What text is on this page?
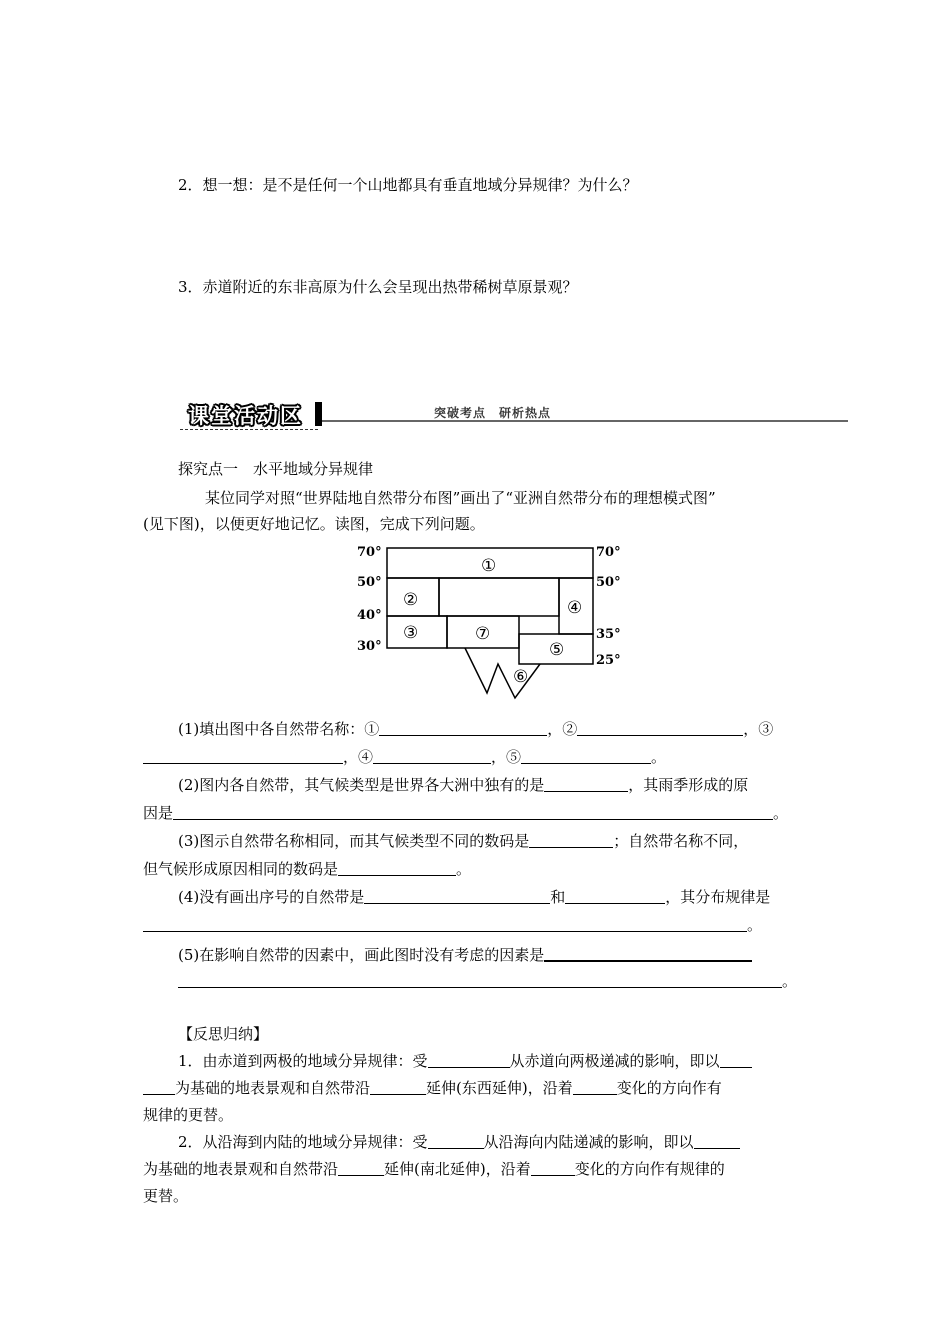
2．想一想：是不是任何一个山地都具有垂直地域分异规律？为什么？
3．赤道附近的东非高原为什么会呈现出热带稀树草原景观？
课堂活动区	突破考点　研析热点
探究点一　水平地域分异规律
某位同学对照“世界陆地自然带分布图”画出了“亚洲自然带分布的理想模式图”
(见下图)，以便更好地记忆。读图，完成下列问题。
70°
50°
40°
30°
70°
50°
35°
25°
①
②
③
④
⑤
⑥
⑦
(1)填出图中各自然带名称：①	，②	，③
，④	，⑤	。
(2)图内各自然带，其气候类型是世界各大洲中独有的是	，其雨季形成的原
因是	。
(3)图示自然带名称相同，而其气候类型不同的数码是	；自然带名称不同，
但气候形成原因相同的数码是	。
(4)没有画出序号的自然带是	和	，其分布规律是
。
(5)在影响自然带的因素中，画此图时没有考虑的因素是
。
【反思归纳】
1．由赤道到两极的地域分异规律：受	从赤道向两极递减的影响，即以
为基础的地表景观和自然带沿	延伸(东西延伸)，沿着	变化的方向作有
规律的更替。
2．从沿海到内陆的地域分异规律：受	从沿海向内陆递减的影响，即以
为基础的地表景观和自然带沿	延伸(南北延伸)，沿着	变化的方向作有规律的
更替。
